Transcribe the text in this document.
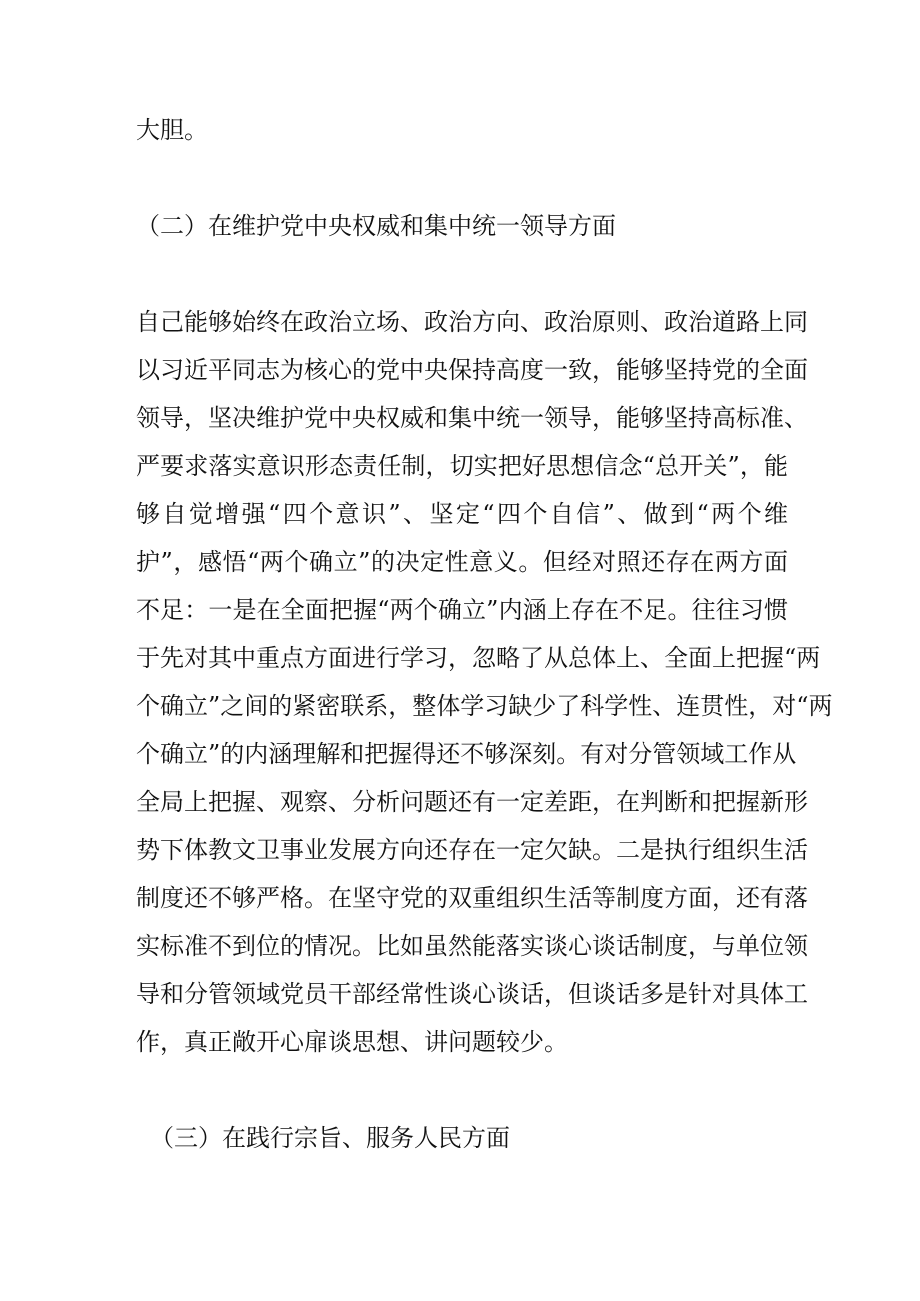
大胆。
（二）在维护党中央权威和集中统一领导方面
自己能够始终在政治立场、政治方向、政治原则、政治道路上同
以习近平同志为核心的党中央保持高度一致，能够坚持党的全面
领导，坚决维护党中央权威和集中统一领导，能够坚持高标准、
严要求落实意识形态责任制，切实把好思想信念“总开关”，能
够自觉增强“四个意识”、坚定“四个自信”、做到“两个维
护”，感悟“两个确立”的决定性意义。但经对照还存在两方面
不足：一是在全面把握“两个确立”内涵上存在不足。往往习惯
于先对其中重点方面进行学习，忽略了从总体上、全面上把握“两
个确立”之间的紧密联系，整体学习缺少了科学性、连贯性，对“两
个确立”的内涵理解和把握得还不够深刻。有对分管领域工作从
全局上把握、观察、分析问题还有一定差距，在判断和把握新形
势下体教文卫事业发展方向还存在一定欠缺。二是执行组织生活
制度还不够严格。在坚守党的双重组织生活等制度方面，还有落
实标准不到位的情况。比如虽然能落实谈心谈话制度，与单位领
导和分管领域党员干部经常性谈心谈话，但谈话多是针对具体工
作，真正敞开心扉谈思想、讲问题较少。
（三）在践行宗旨、服务人民方面
